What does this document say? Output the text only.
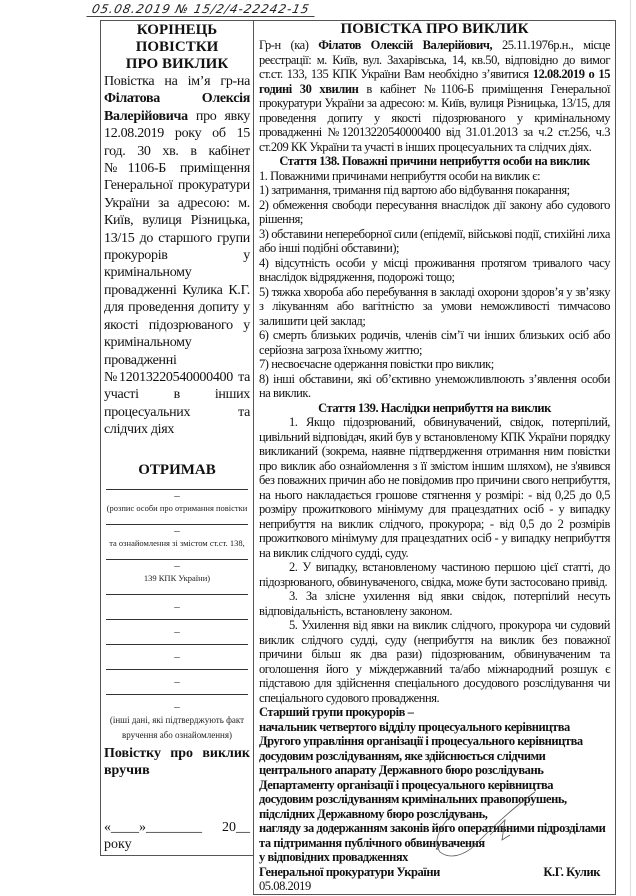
05.08.2019 № 15/2/4-22242-15
КОРІНЕЦЬ ПОВІСТКИ
ПРО ВИКЛИК
Повістка на ім’я гр-на Філатова Олексія Валерійовича про явку 12.08.2019 року об 15 год. 30 хв. в кабінет №1106-Б приміщення Генеральної прокуратури України за адресою: м. Київ, вулиця Різницька, 13/15 до старшого групи прокурорів у кримінальному провадженні Кулика К.Г. для проведення допиту у якості підозрюваного у кримінальному провадженні №12013220540000400 та участі в інших процесуальних та слідчих діях
ОТРИМАВ
–
(розпис особи про отримання повістки
–
та ознайомлення зі змістом ст.ст. 138,
–
139 КПК України)
–
–
–
–
–
(інші дані, які підтверджують факт
вручення або ознайомлення)
Повістку про виклик
вручив
«____»________ 20__
року
ПОВІСТКА ПРО ВИКЛИК

Гр-н (ка) Філатов Олексій Валерійович, 25.11.1976р.н., місце реєстрації: м. Київ, вул. Захарівська, 14, кв.50, відповідно до вимог ст.ст. 133, 135 КПК України Вам необхідно з’явитися 12.08.2019 о 15 годині 30 хвилин в кабінет №1106-Б приміщення Генеральної прокуратури України за адресою: м. Київ, вулиця Різницька, 13/15, для проведення допиту у якості підозрюваного у кримінальному провадженні №12013220540000400 від 31.01.2013 за ч.2 ст.256, ч.3 ст.209 КК України та участі в інших процесуальних та слідчих діях.

Стаття 138. Поважні причини неприбуття особи на виклик

1. Поважними причинами неприбуття особи на виклик є:

1) затримання, тримання під вартою або відбування покарання;

2) обмеження свободи пересування внаслідок дії закону або судового рішення;

3) обставини непереборної сили (епідемії, військові події, стихійні лиха або інші подібні обставини);

4) відсутність особи у місці проживання протягом тривалого часу внаслідок відрядження, подорожі тощо;

5) тяжка хвороба або перебування в закладі охорони здоров’я у зв’язку з лікуванням або вагітністю за умови неможливості тимчасово залишити цей заклад;

6) смерть близьких родичів, членів сім’ї чи інших близьких осіб або серйозна загроза їхньому життю;

7) несвоєчасне одержання повістки про виклик;

8) інші обставини, які об’єктивно унеможливлюють з’явлення особи на виклик.

Стаття 139. Наслідки неприбуття на виклик

1. Якщо підозрюваний, обвинувачений, свідок, потерпілий, цивільний відповідач, який був у встановленому КПК України порядку викликаний (зокрема, наявне підтвердження отримання ним повістки про виклик або ознайомлення з її змістом іншим шляхом), не з'явився без поважних причин або не повідомив про причини свого неприбуття, на нього накладається грошове стягнення у розмірі: - від 0,25 до 0,5 розміру прожиткового мінімуму для працездатних осіб - у випадку неприбуття на виклик слідчого, прокурора; - від 0,5 до 2 розмірів прожиткового мінімуму для працездатних осіб - у випадку неприбуття на виклик слідчого судді, суду.

2. У випадку, встановленому частиною першою цієї статті, до підозрюваного, обвинуваченого, свідка, може бути застосовано привід.

3. За злісне ухилення від явки свідок, потерпілий несуть відповідальність, встановлену законом.

5. Ухилення від явки на виклик слідчого, прокурора чи судовий виклик слідчого судді, суду (неприбуття на виклик без поважної причини більш як два рази) підозрюваним, обвинуваченим та оголошення його у міждержавний та/або міжнародний розшук є підставою для здійснення спеціального досудового розслідування чи спеціального судового провадження.

Старший групи прокурорів –

начальник четвертого відділу процесуального керівництва

Другого управління організації і процесуального керівництва

досудовим розслідуванням, яке здійснюється слідчими

центрального апарату Державного бюро розслідувань

Департаменту організації і процесуального керівництва

досудовим розслідуванням кримінальних правопорушень,

підслідних Державному бюро розслідувань,

нагляду за додержанням законів його оперативними підрозділами

та підтримання публічного обвинувачення

у відповідних провадженнях

Генеральної прокуратури України	К.Г. Кулик
05.08.2019
